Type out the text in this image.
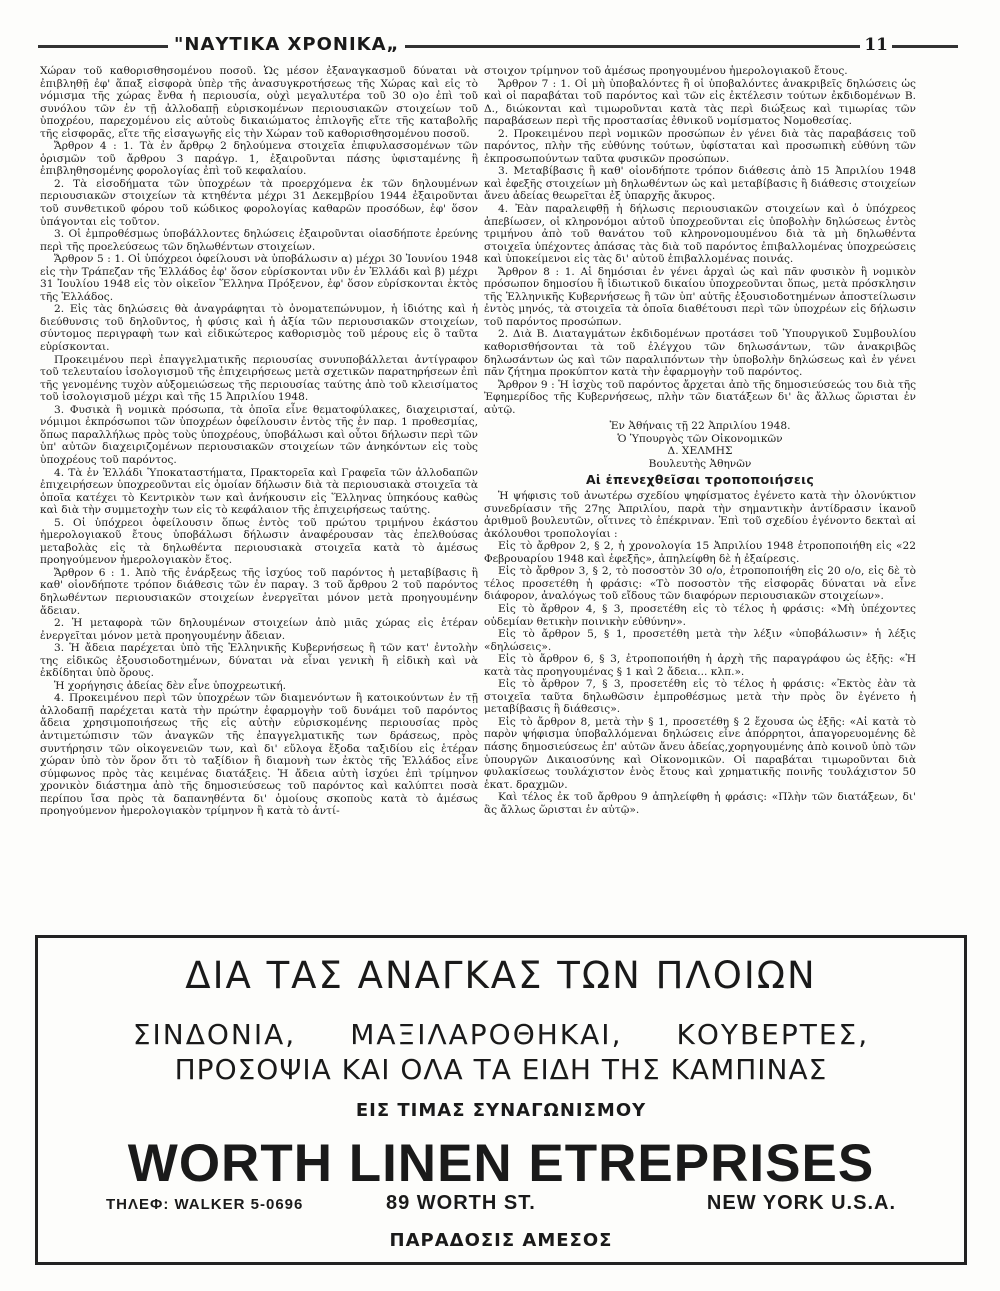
"ΝΑΥΤΙΚΑ ΧΡΟΝΙΚΑ„	11

Χώραν τοῦ καθορισθησομένου ποσοῦ. Ὡς μέσον ἐξαναγκασμοῦ δύναται νὰ ἐπιβληθῇ ἐφ' ἅπαξ εἰσφορὰ ὑπὲρ τῆς ἀνασυγκροτήσεως τῆς Χώρας καὶ εἰς τὸ νόμισμα τῆς χώρας ἔνθα ἡ περιουσία, οὐχὶ μεγαλυτέρα τοῦ 30 ο)ο ἐπὶ τοῦ συνόλου τῶν ἐν τῇ ἀλλοδαπῇ εὑρισκομένων περιουσιακῶν στοιχείων τοῦ ὑποχρέου, παρεχομένου εἰς αὐτοὺς δικαιώματος ἐπιλογῆς εἴτε τῆς καταβολῆς τῆς εἰσφορᾶς, εἴτε τῆς εἰσαγωγῆς εἰς τὴν Χώραν τοῦ καθορισθησομένου ποσοῦ.

Ἄρθρον 4 : 1. Τὰ ἐν ἄρθρῳ 2 δηλούμενα στοιχεῖα ἐπιφυλασσομένων τῶν ὁρισμῶν τοῦ ἄρθρου 3 παράγρ. 1, ἐξαιροῦνται πάσης ὑφισταμένης ἢ ἐπιβληθησομένης φορολογίας ἐπὶ τοῦ κεφαλαίου.

2. Τὰ εἰσοδήματα τῶν ὑποχρέων τὰ προερχόμενα ἐκ τῶν δηλουμένων περιουσιακῶν στοιχείων τὰ κτηθέντα μέχρι 31 Δεκεμβρίου 1944 ἐξαιροῦνται τοῦ συνθετικοῦ φόρου τοῦ κώδικος φορολογίας καθαρῶν προσόδων, ἐφ' ὅσον ὑπάγονται εἰς τοῦτον.

3. Οἱ ἐμπροθέσμως ὑποβάλλοντες δηλώσεις ἐξαιροῦνται οἱασδήποτε ἐρεύνης περὶ τῆς προελεύσεως τῶν δηλωθέντων στοιχείων.

Ἄρθρον 5 : 1. Οἱ ὑπόχρεοι ὀφείλουσι νὰ ὑποβάλωσιν α) μέχρι 30 Ἰουνίου 1948 εἰς τὴν Τράπεζαν τῆς Ἑλλάδος ἐφ' ὅσον εὑρίσκονται νῦν ἐν Ἑλλάδι καὶ β) μέχρι 31 Ἰουλίου 1948 εἰς τὸν οἰκεῖον Ἕλληνα Πρόξενον, ἐφ' ὅσον εὑρίσκονται ἐκτὸς τῆς Ἑλλάδος.

2. Εἰς τὰς δηλώσεις θὰ ἀναγράφηται τὸ ὀνοματεπώνυμον, ἡ ἰδιότης καὶ ἡ διεύθυνσις τοῦ δηλοῦντος, ἡ φύσις καὶ ἡ ἀξία τῶν περιουσιακῶν στοιχείων, σύντομος περιγραφὴ των καὶ εἰδικώτερος καθορισμὸς τοῦ μέρους εἰς ὃ ταῦτα εὑρίσκονται.

Προκειμένου περὶ ἐπαγγελματικῆς περιουσίας συνυποβάλλεται ἀντίγραφον τοῦ τελευταίου ἰσολογισμοῦ τῆς ἐπιχειρήσεως μετὰ σχετικῶν παρατηρήσεων ἐπὶ τῆς γενομένης τυχὸν αὐξομειώσεως τῆς περιουσίας ταύτης ἀπὸ τοῦ κλεισίματος τοῦ ἰσολογισμοῦ μέχρι καὶ τῆς 15 Ἀπριλίου 1948.

3. Φυσικὰ ἢ νομικὰ πρόσωπα, τὰ ὁποῖα εἶνε θεματοφύλακες, διαχειρισταί, νόμιμοι ἐκπρόσωποι τῶν ὑποχρέων ὀφείλουσιν ἐντὸς τῆς ἐν παρ. 1 προθεσμίας, ὅπως παραλλήλως πρὸς τοὺς ὑποχρέους, ὑποβάλωσι καὶ οὗτοι δήλωσιν περὶ τῶν ὑπ' αὐτῶν διαχειριζομένων περιουσιακῶν στοιχείων τῶν ἀνηκόντων εἰς τοὺς ὑποχρέους τοῦ παρόντος.

4. Τὰ ἐν Ἑλλάδι Ὑποκαταστήματα, Πρακτορεῖα καὶ Γραφεῖα τῶν ἀλλοδαπῶν ἐπιχειρήσεων ὑποχρεοῦνται εἰς ὁμοίαν δήλωσιν διὰ τὰ περιουσιακὰ στοιχεῖα τὰ ὁποῖα κατέχει τὸ Κεντρικὸν των καὶ ἀνήκουσιν εἰς Ἕλληνας ὑπηκόους καθὼς καὶ διὰ τὴν συμμετοχὴν των εἰς τὸ κεφάλαιον τῆς ἐπιχειρήσεως ταύτης.

5. Οἱ ὑπόχρεοι ὀφείλουσιν ὅπως ἐντὸς τοῦ πρώτου τριμήνου ἑκάστου ἡμερολογιακοῦ ἔτους ὑποβάλωσι δήλωσιν ἀναφέρουσαν τὰς ἐπελθούσας μεταβολὰς εἰς τὰ δηλωθέντα περιουσιακὰ στοιχεῖα κατὰ τὸ ἀμέσως προηγούμενον ἡμερολογιακὸν ἔτος.

Ἄρθρον 6 : 1. Ἀπὸ τῆς ἐνάρξεως τῆς ἰσχύος τοῦ παρόντος ἡ μεταβίβασις ἢ καθ' οἱονδήποτε τρόπον διάθεσις τῶν ἐν παραγ. 3 τοῦ ἄρθρου 2 τοῦ παρόντος δηλωθέντων περιουσιακῶν στοιχείων ἐνεργεῖται μόνον μετὰ προηγουμένην ἄδειαν.

2. Ἡ μεταφορὰ τῶν δηλουμένων στοιχείων ἀπὸ μιᾶς χώρας εἰς ἑτέραν ἐνεργεῖται μόνον μετὰ προηγουμένην ἄδειαν.

3. Ἡ ἄδεια παρέχεται ὑπὸ τῆς Ἑλληνικῆς Κυβερνήσεως ἢ τῶν κατ' ἐντολὴν της εἰδικῶς ἐξουσιοδοτημένων, δύναται νὰ εἶναι γενικὴ ἢ εἰδικὴ καὶ νὰ ἐκδίδηται ὑπὸ ὅρους.

Ἡ χορήγησις ἀδείας δὲν εἶνε ὑποχρεωτική.

4. Προκειμένου περὶ τῶν ὑποχρέων τῶν διαμενόντων ἢ κατοικούντων ἐν τῇ ἀλλοδαπῇ παρέχεται κατὰ τὴν πρώτην ἐφαρμογὴν τοῦ δυνάμει τοῦ παρόντος ἄδεια χρησιμοποιήσεως τῆς εἰς αὐτὴν εὑρισκομένης περιουσίας πρὸς ἀντιμετώπισιν τῶν ἀναγκῶν τῆς ἐπαγγελματικῆς των δράσεως, πρὸς συντήρησιν τῶν οἰκογενειῶν των, καὶ δι' εὔλογα ἔξοδα ταξιδίου εἰς ἑτέραν χώραν ὑπὸ τὸν ὅρον ὅτι τὸ ταξίδιον ἢ διαμονὴ των ἐκτὸς τῆς Ἑλλάδος εἶνε σύμφωνος πρὸς τὰς κειμένας διατάξεις. Ἡ ἄδεια αὐτὴ ἰσχύει ἐπὶ τρίμηνον χρονικὸν διάστημα ἀπὸ τῆς δημοσιεύσεως τοῦ παρόντος καὶ καλύπτει ποσὰ περίπου ἴσα πρὸς τὰ δαπανηθέντα δι' ὁμοίους σκοποὺς κατὰ τὸ ἀμέσως προηγούμενον ἡμερολογιακὸν τρίμηνον ἢ κατὰ τὸ ἀντί-

στοιχον τρίμηνον τοῦ ἀμέσως προηγουμένου ἡμερολογιακοῦ ἔτους.

Ἄρθρον 7 : 1. Οἱ μὴ ὑποβαλόντες ἢ οἱ ὑποβαλόντες ἀνακριβεῖς δηλώσεις ὡς καὶ οἱ παραβάται τοῦ παρόντος καὶ τῶν εἰς ἐκτέλεσιν τούτων ἐκδιδομένων Β. Δ., διώκονται καὶ τιμωροῦνται κατὰ τὰς περὶ διώξεως καὶ τιμωρίας τῶν παραβάσεων περὶ τῆς προστασίας ἐθνικοῦ νομίσματος Νομοθεσίας.

2. Προκειμένου περὶ νομικῶν προσώπων ἐν γένει διὰ τὰς παραβάσεις τοῦ παρόντος, πλὴν τῆς εὐθύνης τούτων, ὑφίσταται καὶ προσωπικὴ εὐθύνη τῶν ἐκπροσωπούντων ταῦτα φυσικῶν προσώπων.

3. Μεταβίβασις ἢ καθ' οἱονδήποτε τρόπον διάθεσις ἀπὸ 15 Ἀπριλίου 1948 καὶ ἐφεξῆς στοιχείων μὴ δηλωθέντων ὡς καὶ μεταβίβασις ἢ διάθεσις στοιχείων ἄνευ ἀδείας θεωρεῖται ἐξ ὑπαρχῆς ἄκυρος.

4. Ἐὰν παραλειφθῇ ἡ δήλωσις περιουσιακῶν στοιχείων καὶ ὁ ὑπόχρεος ἀπεβίωσεν, οἱ κληρονόμοι αὐτοῦ ὑποχρεοῦνται εἰς ὑποβολὴν δηλώσεως ἐντὸς τριμήνου ἀπὸ τοῦ θανάτου τοῦ κληρονομουμένου διὰ τὰ μὴ δηλωθέντα στοιχεῖα ὑπέχοντες ἁπάσας τὰς διὰ τοῦ παρόντος ἐπιβαλλομένας ὑποχρεώσεις καὶ ὑποκείμενοι εἰς τὰς δι' αὐτοῦ ἐπιβαλλομένας ποινάς.

Ἄρθρον 8 : 1. Αἱ δημόσιαι ἐν γένει ἀρχαὶ ὡς καὶ πᾶν φυσικὸν ἢ νομικὸν πρόσωπον δημοσίου ἢ ἰδιωτικοῦ δικαίου ὑποχρεοῦνται ὅπως, μετὰ πρόσκλησιν τῆς Ἑλληνικῆς Κυβερνήσεως ἢ τῶν ὑπ' αὐτῆς ἐξουσιοδοτημένων ἀποστείλωσιν ἐντὸς μηνός, τὰ στοιχεῖα τὰ ὁποῖα διαθέτουσι περὶ τῶν ὑποχρέων εἰς δήλωσιν τοῦ παρόντος προσώπων.

2. Διὰ Β. Διαταγμάτων ἐκδιδομένων προτάσει τοῦ Ὑπουργικοῦ Συμβουλίου καθορισθήσονται τὰ τοῦ ἐλέγχου τῶν δηλωσάντων, τῶν ἀνακριβῶς δηλωσάντων ὡς καὶ τῶν παραλιπόντων τὴν ὑποβολὴν δηλώσεως καὶ ἐν γένει πᾶν ζήτημα προκύπτον κατὰ τὴν ἐφαρμογὴν τοῦ παρόντος.

Ἄρθρον 9 : Ἡ ἰσχὺς τοῦ παρόντος ἄρχεται ἀπὸ τῆς δημοσιεύσεώς του διὰ τῆς Ἐφημερίδος τῆς Κυβερνήσεως, πλὴν τῶν διατάξεων δι' ἃς ἄλλως ὥρισται ἐν αὐτῷ.

Ἐν Ἀθήναις τῇ 22 Ἀπριλίου 1948.

Ὁ Ὑπουργὸς τῶν Οἰκονομικῶν

Δ. ΧΕΛΜΗΣ

Βουλευτὴς Ἀθηνῶν

Αἱ ἐπενεχθεῖσαι τροποποιήσεις

Ἡ ψήφισις τοῦ ἀνωτέρω σχεδίου ψηφίσματος ἐγένετο κατὰ τὴν ὁλονύκτιον συνεδρίασιν τῆς 27ης Ἀπριλίου, παρὰ τὴν σημαντικὴν ἀντίδρασιν ἱκανοῦ ἀριθμοῦ βουλευτῶν, οἵτινες τὸ ἐπέκριναν. Ἐπὶ τοῦ σχεδίου ἐγένοντο δεκταὶ αἱ ἀκόλουθοι τροπολογίαι :

Εἰς τὸ ἄρθρον 2, § 2, ἡ χρονολογία 15 Ἀπριλίου 1948 ἐτροποποιήθη εἰς «22 Φεβρουαρίου 1948 καὶ ἐφεξῆς», ἀπηλείφθη δὲ ἡ ἐξαίρεσις.

Εἰς τὸ ἄρθρον 3, § 2, τὸ ποσοστὸν 30 ο/ο, ἐτροποποιήθη εἰς 20 ο/ο, εἰς δὲ τὸ τέλος προσετέθη ἡ φράσις: «Τὸ ποσοστὸν τῆς εἰσφορᾶς δύναται νὰ εἶνε διάφορον, ἀναλόγως τοῦ εἴδους τῶν διαφόρων περιουσιακῶν στοιχείων».

Εἰς τὸ ἄρθρον 4, § 3, προσετέθη εἰς τὸ τέλος ἡ φράσις: «Μὴ ὑπέχοντες οὐδεμίαν θετικὴν ποινικὴν εὐθύνην».

Εἰς τὸ ἄρθρον 5, § 1, προσετέθη μετὰ τὴν λέξιν «ὑποβάλωσιν» ἡ λέξις «δηλώσεις».

Εἰς τὸ ἄρθρον 6, § 3, ἐτροποποιήθη ἡ ἀρχὴ τῆς παραγράφου ὡς ἑξῆς: «Ἡ κατὰ τὰς προηγουμένας § 1 καὶ 2 ἄδεια... κλπ.».

Εἰς τὸ ἄρθρον 7, § 3, προσετέθη εἰς τὸ τέλος ἡ φράσις: «Ἐκτὸς ἐὰν τὰ στοιχεῖα ταῦτα δηλωθῶσιν ἐμπροθέσμως μετὰ τὴν πρὸς ὃν ἐγένετο ἡ μεταβίβασις ἢ διάθεσις».

Εἰς τὸ ἄρθρον 8, μετὰ τὴν § 1, προσετέθη § 2 ἔχουσα ὡς ἑξῆς: «Αἱ κατὰ τὸ παρὸν ψήφισμα ὑποβαλλόμεναι δηλώσεις εἶνε ἀπόρρητοι, ἀπαγορευομένης δὲ πάσης δημοσιεύσεως ἐπ' αὐτῶν ἄνευ ἀδείας,χορηγουμένης ἀπὸ κοινοῦ ὑπὸ τῶν ὑπουργῶν Δικαιοσύνης καὶ Οἰκονομικῶν. Οἱ παραβάται τιμωροῦνται διὰ φυλακίσεως τουλάχιστον ἑνὸς ἔτους καὶ χρηματικῆς ποινῆς τουλάχιστον 50 ἑκατ. δραχμῶν.

Καὶ τέλος ἐκ τοῦ ἄρθρου 9 ἀπηλείφθη ἡ φράσις: «Πλὴν τῶν διατάξεων, δι' ἃς ἄλλως ὥρισται ἐν αὐτῷ».

ΔΙΑ ΤΑΣ ΑΝΑΓΚΑΣ ΤΩΝ ΠΛΟΙΩΝ
ΣΙΝΔΟΝΙΑ, ΜΑΞΙΛΑΡΟΘΗΚΑΙ, ΚΟΥΒΕΡΤΕΣ,
ΠΡΟΣΟΨΙΑ ΚΑΙ ΟΛΑ ΤΑ ΕΙΔΗ ΤΗΣ ΚΑΜΠΙΝΑΣ
ΕΙΣ ΤΙΜΑΣ ΣΥΝΑΓΩΝΙΣΜΟΥ
WORTH LINEN ETREPRISES
ΤΗΛΕΦ: WALKER 5-0696	89 WORTH ST.	NEW YORK U.S.A.
ΠΑΡΑΔΟΣΙΣ ΑΜΕΣΟΣ
